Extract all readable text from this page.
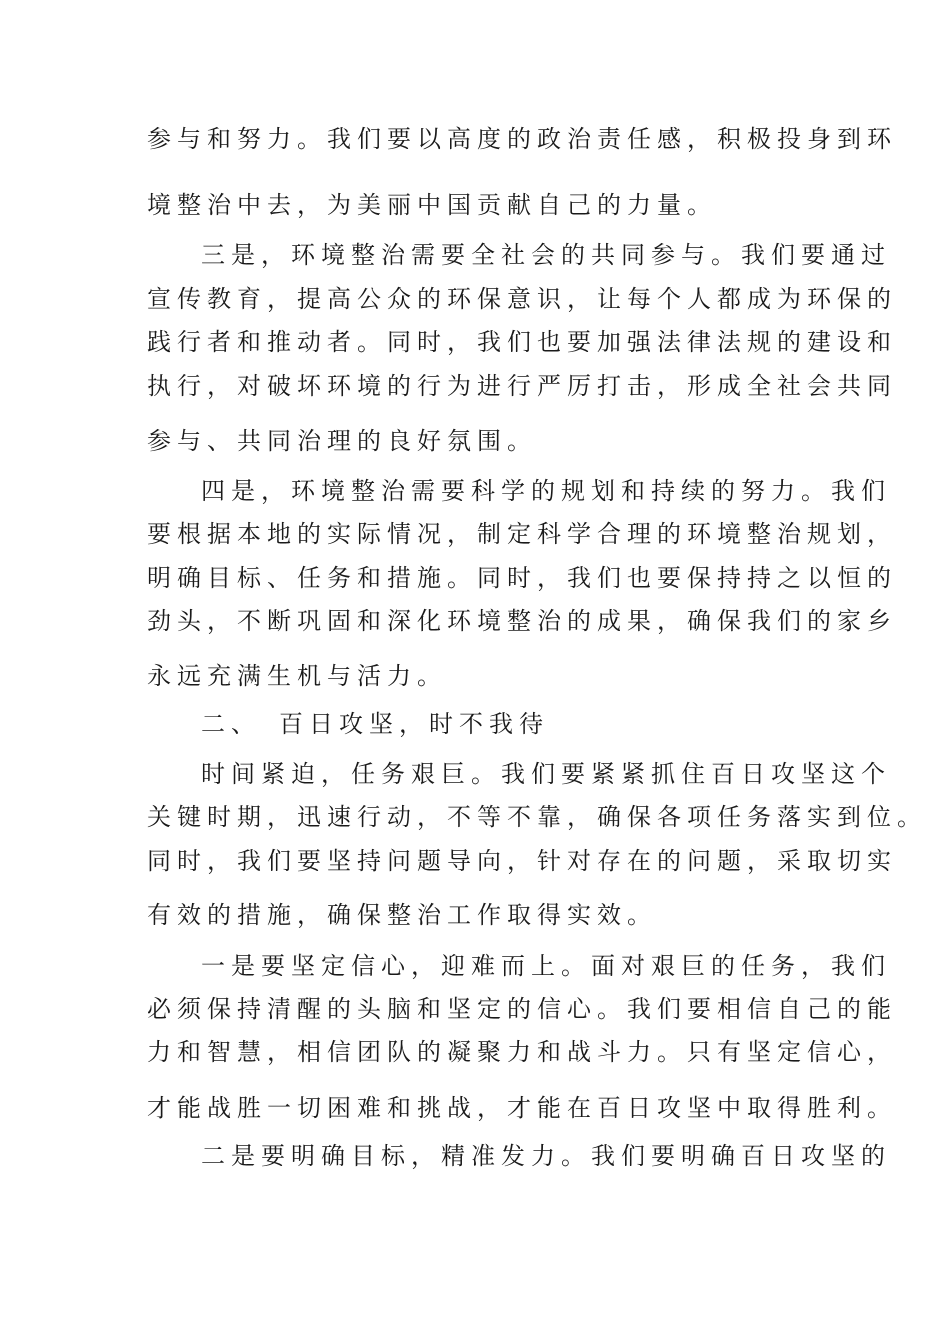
参与和努力。我们要以高度的政治责任感，积极投身到环

境整治中去，为美丽中国贡献自己的力量。

三是，环境整治需要全社会的共同参与。我们要通过

宣传教育，提高公众的环保意识，让每个人都成为环保的

践行者和推动者。同时，我们也要加强法律法规的建设和

执行，对破坏环境的行为进行严厉打击，形成全社会共同

参与、共同治理的良好氛围。

四是，环境整治需要科学的规划和持续的努力。我们

要根据本地的实际情况，制定科学合理的环境整治规划，

明确目标、任务和措施。同时，我们也要保持持之以恒的

劲头，不断巩固和深化环境整治的成果，确保我们的家乡

永远充满生机与活力。

二、　百日攻坚，时不我待

时间紧迫，任务艰巨。我们要紧紧抓住百日攻坚这个

关键时期，迅速行动，不等不靠，确保各项任务落实到位。

同时，我们要坚持问题导向，针对存在的问题，采取切实

有效的措施，确保整治工作取得实效。

一是要坚定信心，迎难而上。面对艰巨的任务，我们

必须保持清醒的头脑和坚定的信心。我们要相信自己的能

力和智慧，相信团队的凝聚力和战斗力。只有坚定信心，

才能战胜一切困难和挑战，才能在百日攻坚中取得胜利。

二是要明确目标，精准发力。我们要明确百日攻坚的
